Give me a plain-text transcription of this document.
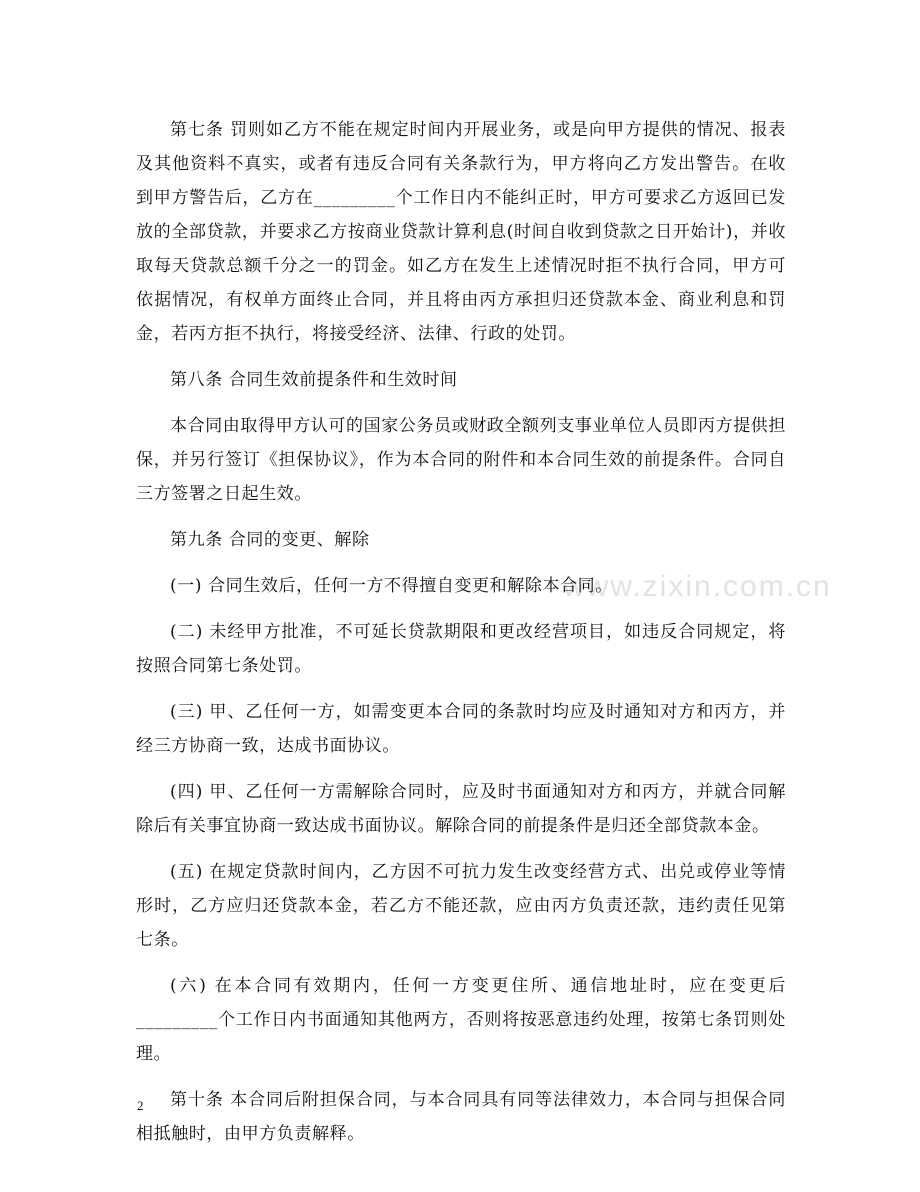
www.zixin.com.cn

第七条 罚则如乙方不能在规定时间内开展业务，或是向甲方提供的情况、报表及其他资料不真实，或者有违反合同有关条款行为，甲方将向乙方发出警告。在收到甲方警告后，乙方在_________个工作日内不能纠正时，甲方可要求乙方返回已发放的全部贷款，并要求乙方按商业贷款计算利息(时间自收到贷款之日开始计)，并收取每天贷款总额千分之一的罚金。如乙方在发生上述情况时拒不执行合同，甲方可依据情况，有权单方面终止合同，并且将由丙方承担归还贷款本金、商业利息和罚金，若丙方拒不执行，将接受经济、法律、行政的处罚。

第八条 合同生效前提条件和生效时间

本合同由取得甲方认可的国家公务员或财政全额列支事业单位人员即丙方提供担保，并另行签订《担保协议》，作为本合同的附件和本合同生效的前提条件。合同自三方签署之日起生效。

第九条 合同的变更、解除

(一) 合同生效后，任何一方不得擅自变更和解除本合同。

(二) 未经甲方批准，不可延长贷款期限和更改经营项目，如违反合同规定，将按照合同第七条处罚。

(三) 甲、乙任何一方，如需变更本合同的条款时均应及时通知对方和丙方，并经三方协商一致，达成书面协议。

(四) 甲、乙任何一方需解除合同时，应及时书面通知对方和丙方，并就合同解除后有关事宜协商一致达成书面协议。解除合同的前提条件是归还全部贷款本金。

(五) 在规定贷款时间内，乙方因不可抗力发生改变经营方式、出兑或停业等情形时，乙方应归还贷款本金，若乙方不能还款，应由丙方负责还款，违约责任见第七条。

(六) 在本合同有效期内，任何一方变更住所、通信地址时，应在变更后_________个工作日内书面通知其他两方，否则将按恶意违约处理，按第七条罚则处理。

第十条 本合同后附担保合同，与本合同具有同等法律效力，本合同与担保合同相抵触时，由甲方负责解释。

2
